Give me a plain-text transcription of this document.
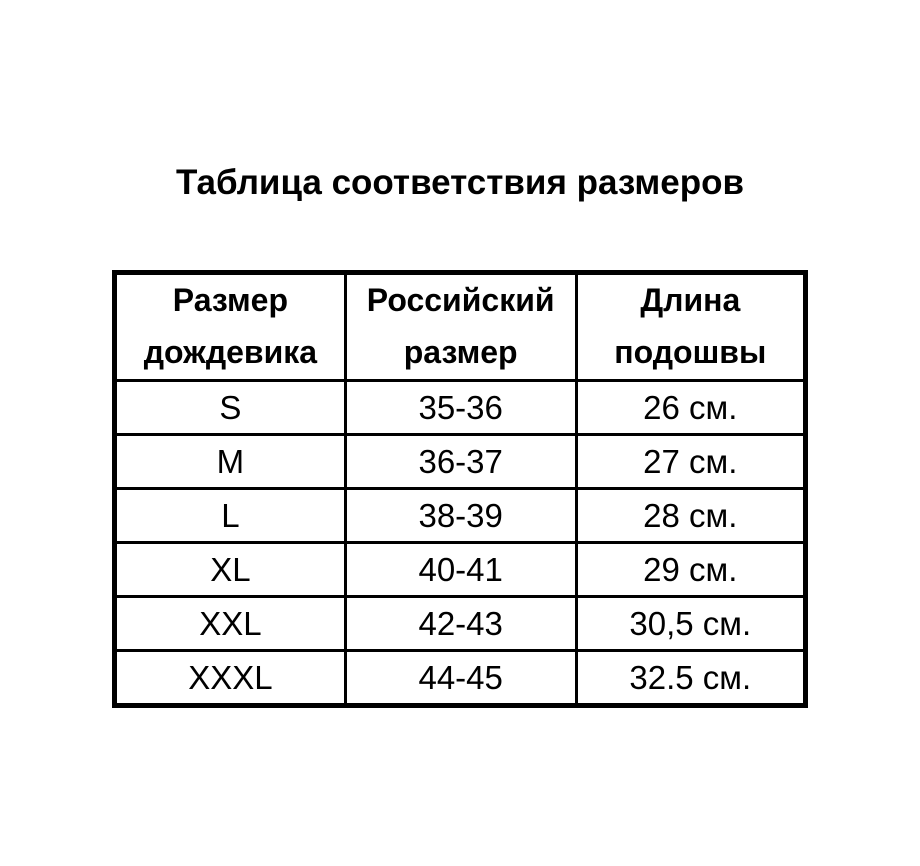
Таблица соответствия размеров
Размер дождевика	Российский размер	Длина подошвы
S	35-36	26 см.
M	36-37	27 см.
L	38-39	28 см.
XL	40-41	29 см.
XXL	42-43	30,5 см.
XXXL	44-45	32.5 см.
